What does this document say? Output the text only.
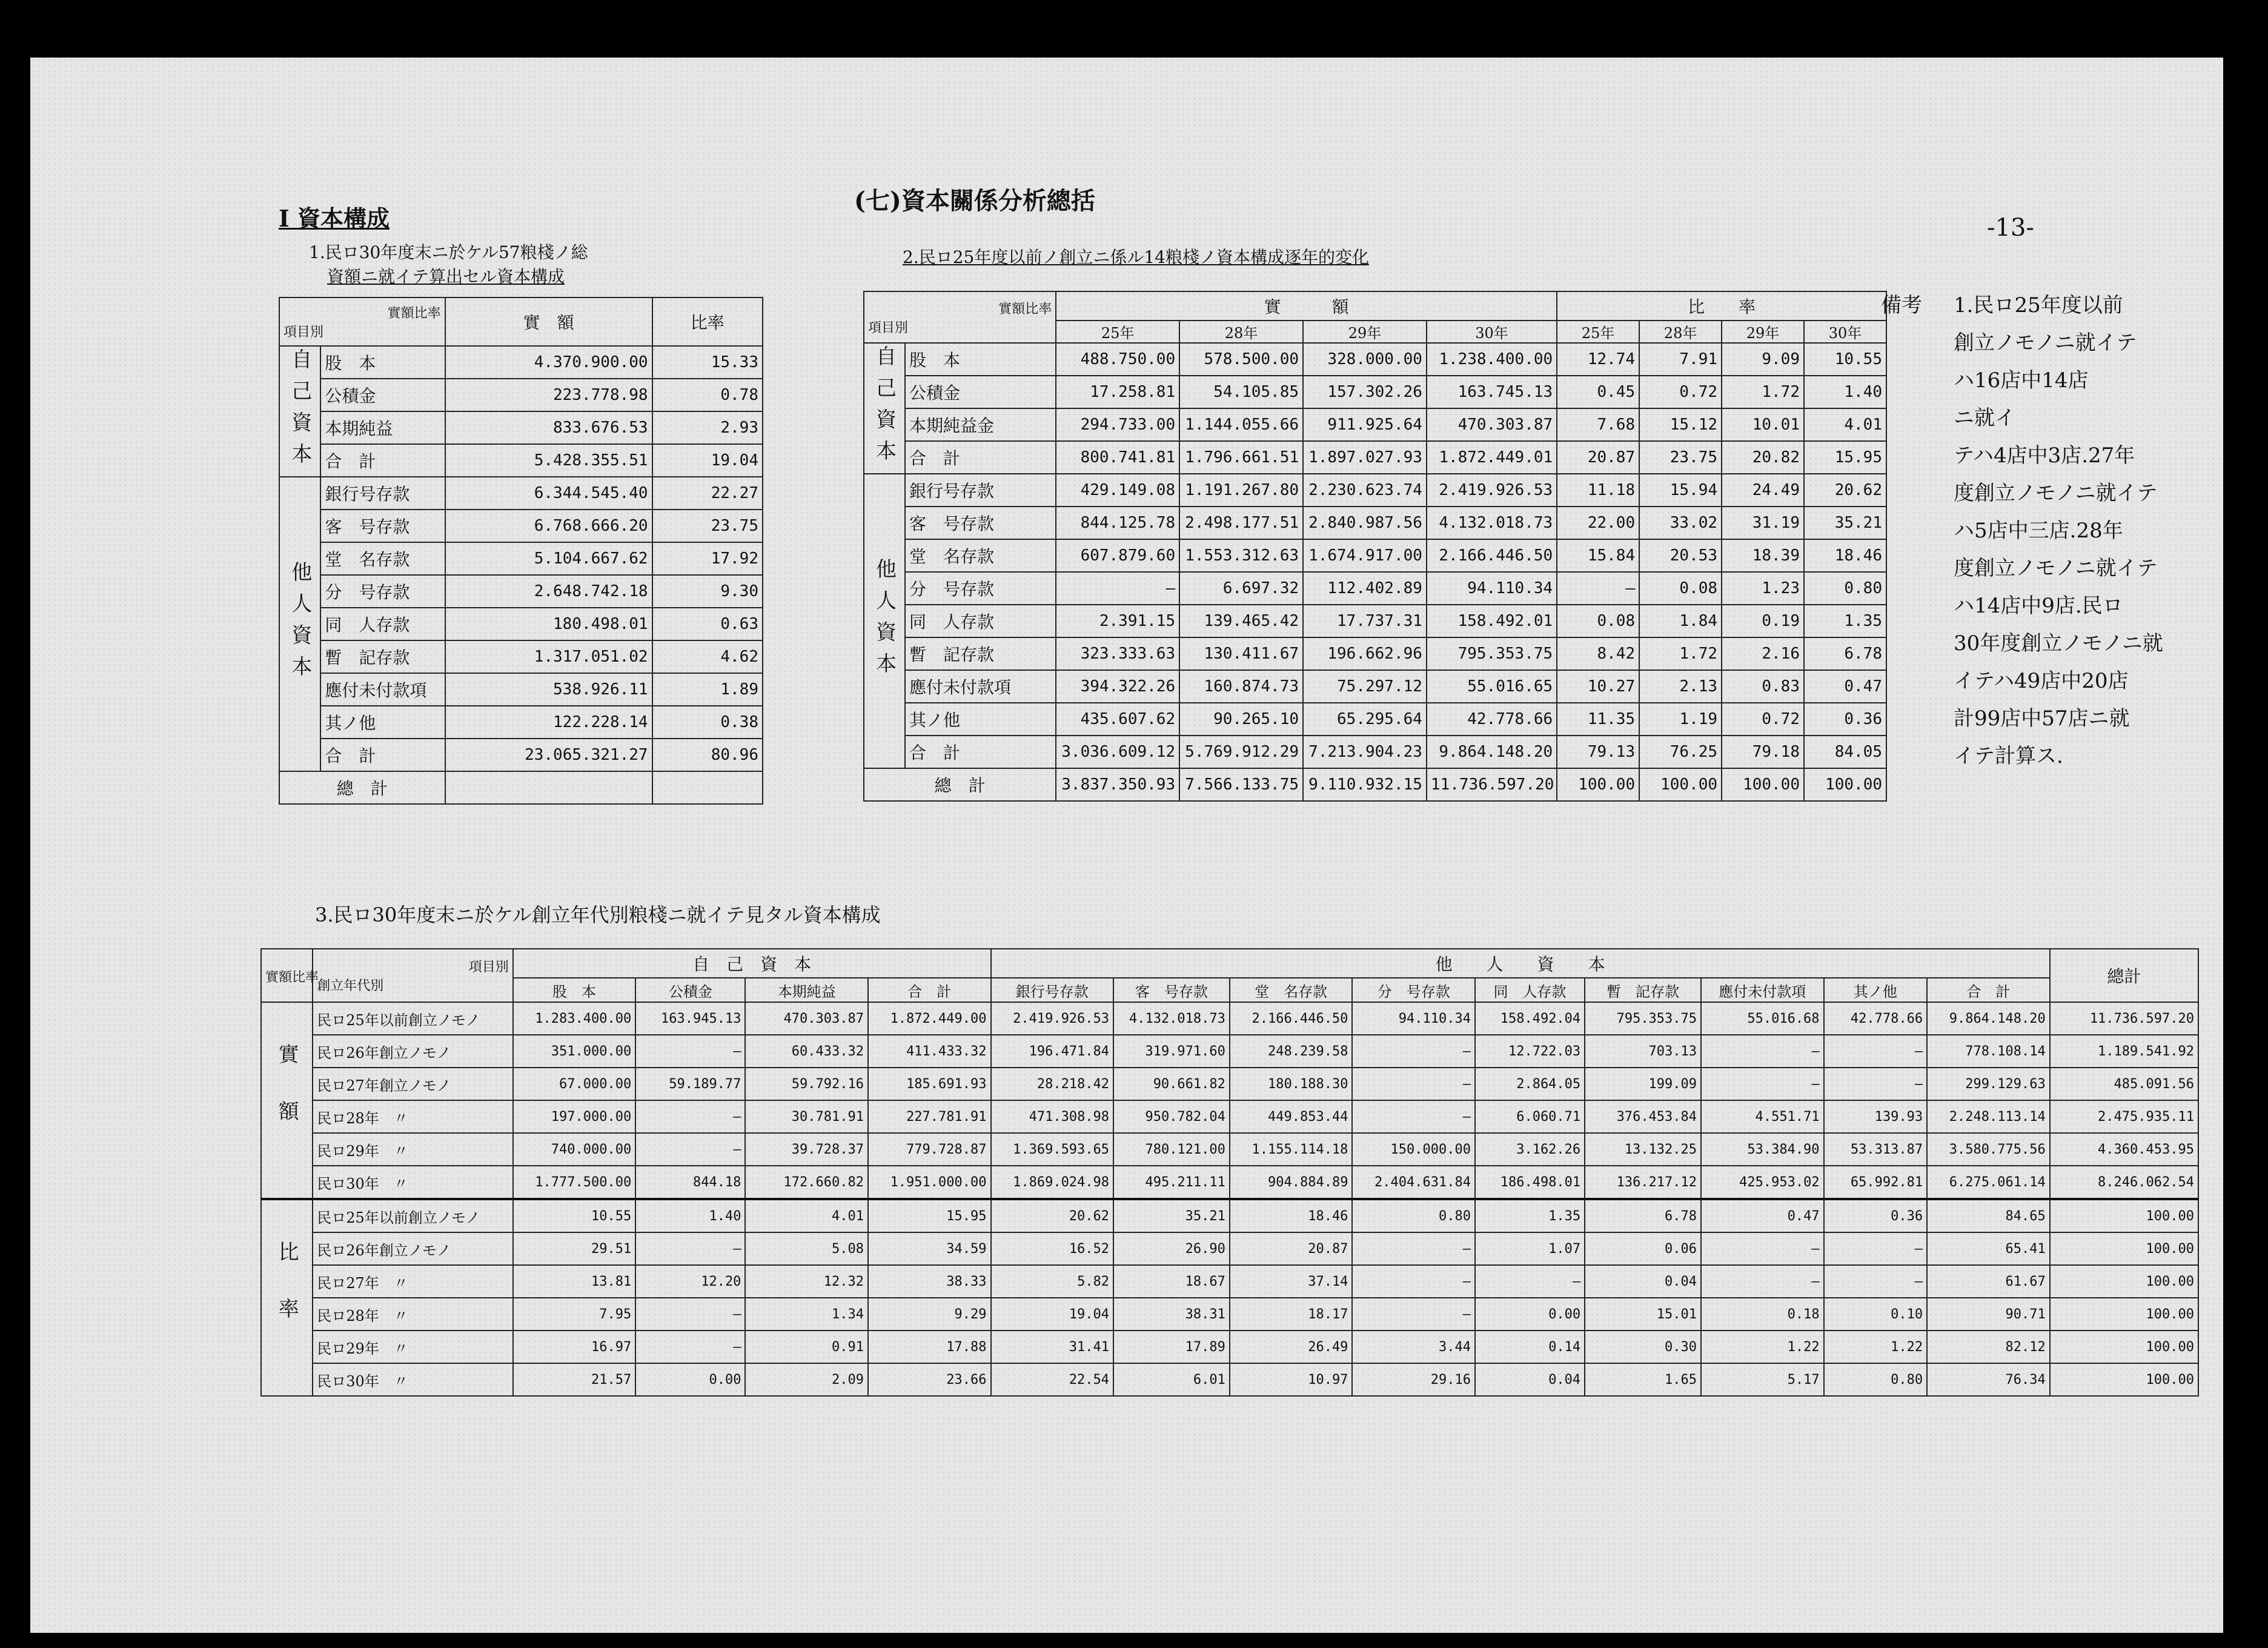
(七)資本關係分析總括
-13-
I 資本構成
1.民ロ30年度末ニ於ケル57粮棧ノ総
資額ニ就イテ算出セル資本構成
實額比率
項目別		實　額	比率
自己資本	股　本	4.370.900.00	15.33
	公積金	223.778.98	0.78
	本期純益	833.676.53	2.93
	合　計	5.428.355.51	19.04
他人資本	銀行号存款	6.344.545.40	22.27
	客　号存款	6.768.666.20	23.75
	堂　名存款	5.104.667.62	17.92
	分　号存款	2.648.742.18	9.30
	同　人存款	180.498.01	0.63
	暫　記存款	1.317.051.02	4.62
	應付未付款項	538.926.11	1.89
	其ノ他	122.228.14	0.38
	合　計	23.065.321.27	80.96
總　計			
2.民ロ25年度以前ノ創立ニ係ル14粮棧ノ資本構成逐年的変化
實額比率
項目別		實　　　額				比　　率			
		25年	28年	29年	30年	25年	28年	29年	30年
自己資本	股　本	488.750.00	578.500.00	328.000.00	1.238.400.00	12.74	7.91	9.09	10.55
	公積金	17.258.81	54.105.85	157.302.26	163.745.13	0.45	0.72	1.72	1.40
	本期純益金	294.733.00	1.144.055.66	911.925.64	470.303.87	7.68	15.12	10.01	4.01
	合　計	800.741.81	1.796.661.51	1.897.027.93	1.872.449.01	20.87	23.75	20.82	15.95
他人資本	銀行号存款	429.149.08	1.191.267.80	2.230.623.74	2.419.926.53	11.18	15.94	24.49	20.62
	客　号存款	844.125.78	2.498.177.51	2.840.987.56	4.132.018.73	22.00	33.02	31.19	35.21
	堂　名存款	607.879.60	1.553.312.63	1.674.917.00	2.166.446.50	15.84	20.53	18.39	18.46
	分　号存款	—	6.697.32	112.402.89	94.110.34	—	0.08	1.23	0.80
	同　人存款	2.391.15	139.465.42	17.737.31	158.492.01	0.08	1.84	0.19	1.35
	暫　記存款	323.333.63	130.411.67	196.662.96	795.353.75	8.42	1.72	2.16	6.78
	應付未付款項	394.322.26	160.874.73	75.297.12	55.016.65	10.27	2.13	0.83	0.47
	其ノ他	435.607.62	90.265.10	65.295.64	42.778.66	11.35	1.19	0.72	0.36
	合　計	3.036.609.12	5.769.912.29	7.213.904.23	9.864.148.20	79.13	76.25	79.18	84.05
總　計		3.837.350.93	7.566.133.75	9.110.932.15	11.736.597.20	100.00	100.00	100.00	100.00
備考 1.民ロ25年度以前
創立ノモノニ就イテ
ハ16店中14店
ニ就イ
テハ4店中3店.27年
度創立ノモノニ就イテ
ハ5店中三店.28年
度創立ノモノニ就イテ
ハ14店中9店.民ロ
30年度創立ノモノニ就
イテハ49店中20店
計99店中57店ニ就
イテ計算ス.
3.民ロ30年度末ニ於ケル創立年代別粮棧ニ就イテ見タル資本構成
實額比率	項目別
創立年代別	自　己　資　本				他　　人　　資　　本									總計
		股　本	公積金	本期純益	合　計	銀行号存款	客　号存款	堂　名存款	分　号存款	同　人存款	暫　記存款	應付未付款項	其ノ他	合　計	
實額	民ロ25年以前創立ノモノ	1.283.400.00	163.945.13	470.303.87	1.872.449.00	2.419.926.53	4.132.018.73	2.166.446.50	94.110.34	158.492.04	795.353.75	55.016.68	42.778.66	9.864.148.20	11.736.597.20
	民ロ26年創立ノモノ	351.000.00	—	60.433.32	411.433.32	196.471.84	319.971.60	248.239.58	—	12.722.03	703.13	—	—	778.108.14	1.189.541.92
	民ロ27年創立ノモノ	67.000.00	59.189.77	59.792.16	185.691.93	28.218.42	90.661.82	180.188.30	—	2.864.05	199.09	—	—	299.129.63	485.091.56
	民ロ28年　〃	197.000.00	—	30.781.91	227.781.91	471.308.98	950.782.04	449.853.44	—	6.060.71	376.453.84	4.551.71	139.93	2.248.113.14	2.475.935.11
	民ロ29年　〃	740.000.00	—	39.728.37	779.728.87	1.369.593.65	780.121.00	1.155.114.18	150.000.00	3.162.26	13.132.25	53.384.90	53.313.87	3.580.775.56	4.360.453.95
	民ロ30年　〃	1.777.500.00	844.18	172.660.82	1.951.000.00	1.869.024.98	495.211.11	904.884.89	2.404.631.84	186.498.01	136.217.12	425.953.02	65.992.81	6.275.061.14	8.246.062.54
比率	民ロ25年以前創立ノモノ	10.55	1.40	4.01	15.95	20.62	35.21	18.46	0.80	1.35	6.78	0.47	0.36	84.65	100.00
	民ロ26年創立ノモノ	29.51	—	5.08	34.59	16.52	26.90	20.87	—	1.07	0.06	—	—	65.41	100.00
	民ロ27年　〃	13.81	12.20	12.32	38.33	5.82	18.67	37.14	—	—	0.04	—	—	61.67	100.00
	民ロ28年　〃	7.95	—	1.34	9.29	19.04	38.31	18.17	—	0.00	15.01	0.18	0.10	90.71	100.00
	民ロ29年　〃	16.97	—	0.91	17.88	31.41	17.89	26.49	3.44	0.14	0.30	1.22	1.22	82.12	100.00
	民ロ30年　〃	21.57	0.00	2.09	23.66	22.54	6.01	10.97	29.16	0.04	1.65	5.17	0.80	76.34	100.00
